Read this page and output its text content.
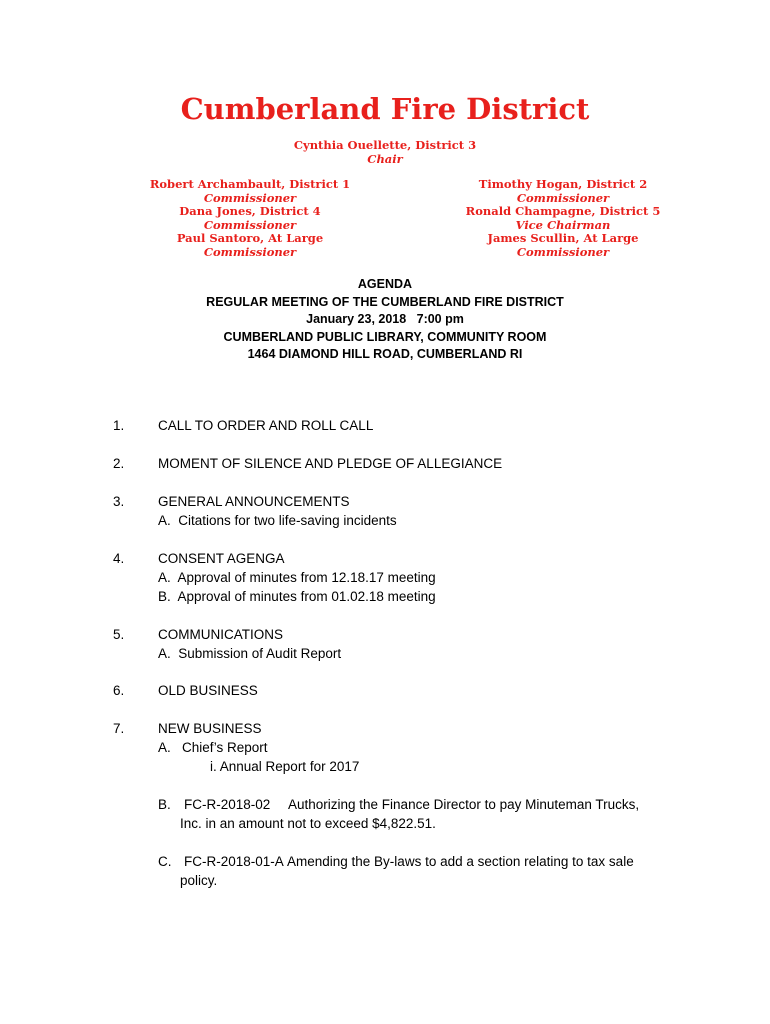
Cumberland Fire District
Cynthia Ouellette, District 3
Chair
Robert Archambault, District 1
Commissioner
Dana Jones, District 4
Commissioner
Paul Santoro, At Large
Commissioner
Timothy Hogan, District 2
Commissioner
Ronald Champagne, District 5
Vice Chairman
James Scullin, At Large
Commissioner
AGENDA
REGULAR MEETING OF THE CUMBERLAND FIRE DISTRICT
January 23, 2018   7:00 pm
CUMBERLAND PUBLIC LIBRARY, COMMUNITY ROOM
1464 DIAMOND HILL ROAD, CUMBERLAND RI
1. CALL TO ORDER AND ROLL CALL
2. MOMENT OF SILENCE AND PLEDGE OF ALLEGIANCE
3. GENERAL ANNOUNCEMENTS
A.  Citations for two life-saving incidents
4. CONSENT AGENGA
A.  Approval of minutes from 12.18.17 meeting
B.  Approval of minutes from 01.02.18 meeting
5. COMMUNICATIONS
A.  Submission of Audit Report
6. OLD BUSINESS
7. NEW BUSINESS
A.   Chief’s Report
i. Annual Report for 2017
B. FC-R-2018-02 Authorizing the Finance Director to pay Minuteman Trucks,
Inc. in an amount not to exceed $4,822.51.
C. FC-R-2018-01-A Amending the By-laws to add a section relating to tax sale
policy.
